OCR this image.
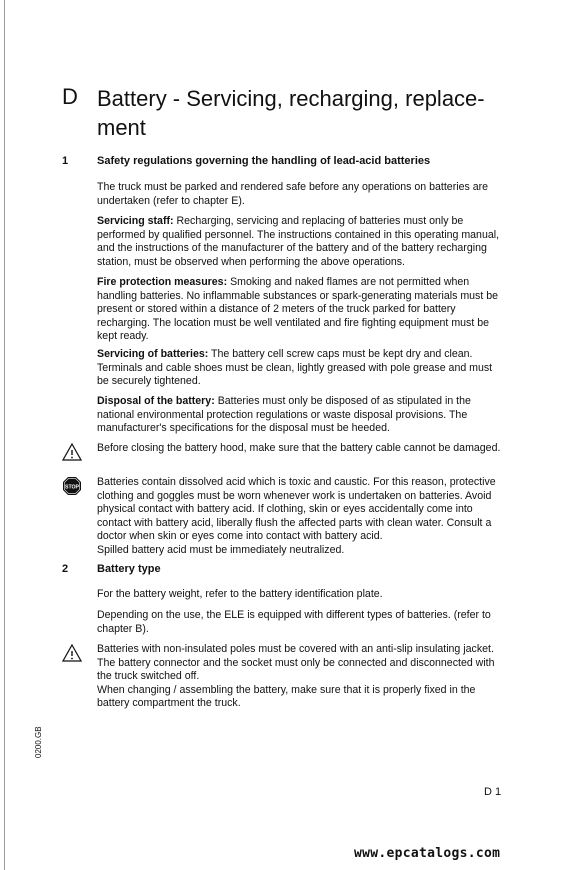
D Battery - Servicing, recharging, replace-ment
1	Safety regulations governing the handling of lead-acid batteries

The truck must be parked and rendered safe before any operations on batteries are undertaken (refer to chapter E).

Servicing staff: Recharging, servicing and replacing of batteries must only be performed by qualified personnel. The instructions contained in this operating manual, and the instructions of the manufacturer of the battery and of the battery recharging station, must be observed when performing the above operations.

Fire protection measures: Smoking and naked flames are not permitted when handling batteries. No inflammable substances or spark-generating materials must be present or stored within a distance of 2 meters of the truck parked for battery recharging. The location must be well ventilated and fire fighting equipment must be kept ready.

Servicing of batteries: The battery cell screw caps must be kept dry and clean. Terminals and cable shoes must be clean, lightly greased with pole grease and must be securely tightened.

Disposal of the battery: Batteries must only be disposed of as stipulated in the national environmental protection regulations or waste disposal provisions. The manufacturer's specifications for the disposal must be heeded.

Before closing the battery hood, make sure that the battery cable cannot be damaged.

STOP Batteries contain dissolved acid which is toxic and caustic. For this reason, protective clothing and goggles must be worn whenever work is undertaken on batteries. Avoid physical contact with battery acid. If clothing, skin or eyes accidentally come into contact with battery acid, liberally flush the affected parts with clean water. Consult a doctor when skin or eyes come into contact with battery acid.
Spilled battery acid must be immediately neutralized.

2	Battery type

For the battery weight, refer to the battery identification plate.

Depending on the use, the ELE is equipped with different types of batteries. (refer to chapter B).

Batteries with non-insulated poles must be covered with an anti-slip insulating jacket. The battery connector and the socket must only be connected and disconnected with the truck switched off.
When changing / assembling the battery, make sure that it is properly fixed in the battery compartment the truck.

0200.GB
D 1
www.epcatalogs.com
